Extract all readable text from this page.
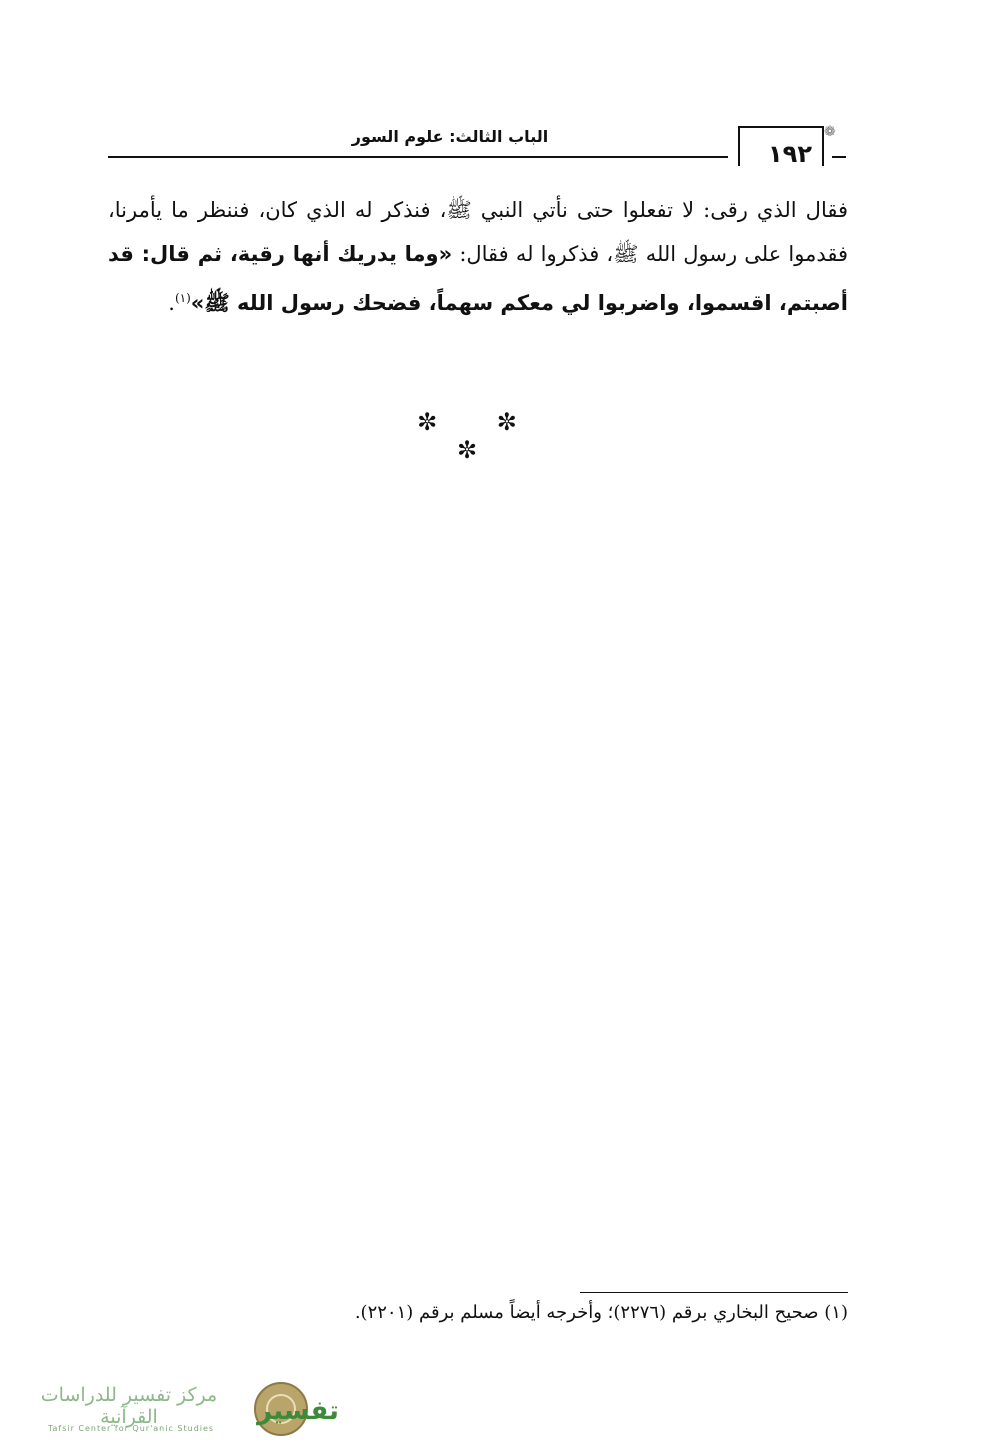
الباب الثالث: علوم السور
١٩٢
❁
فقال الذي رقى: لا تفعلوا حتى نأتي النبي ﷺ، فنذكر له الذي كان، فننظر ما يأمرنا، فقدموا على رسول الله ﷺ، فذكروا له فقال: «وما يدريك أنها رقية، ثم قال: قد أصبتم، اقسموا، واضربوا لي معكم سهماً، فضحك رسول الله ﷺ»$^{(١)}$.
✼ ✼ ✼
(١) صحيح البخاري برقم (٢٢٧٦)؛ وأخرجه أيضاً مسلم برقم (٢٢٠١).
تفسير
مركز تفسير للدراسات القرآنية
Tafsir Center for Qur'anic Studies
